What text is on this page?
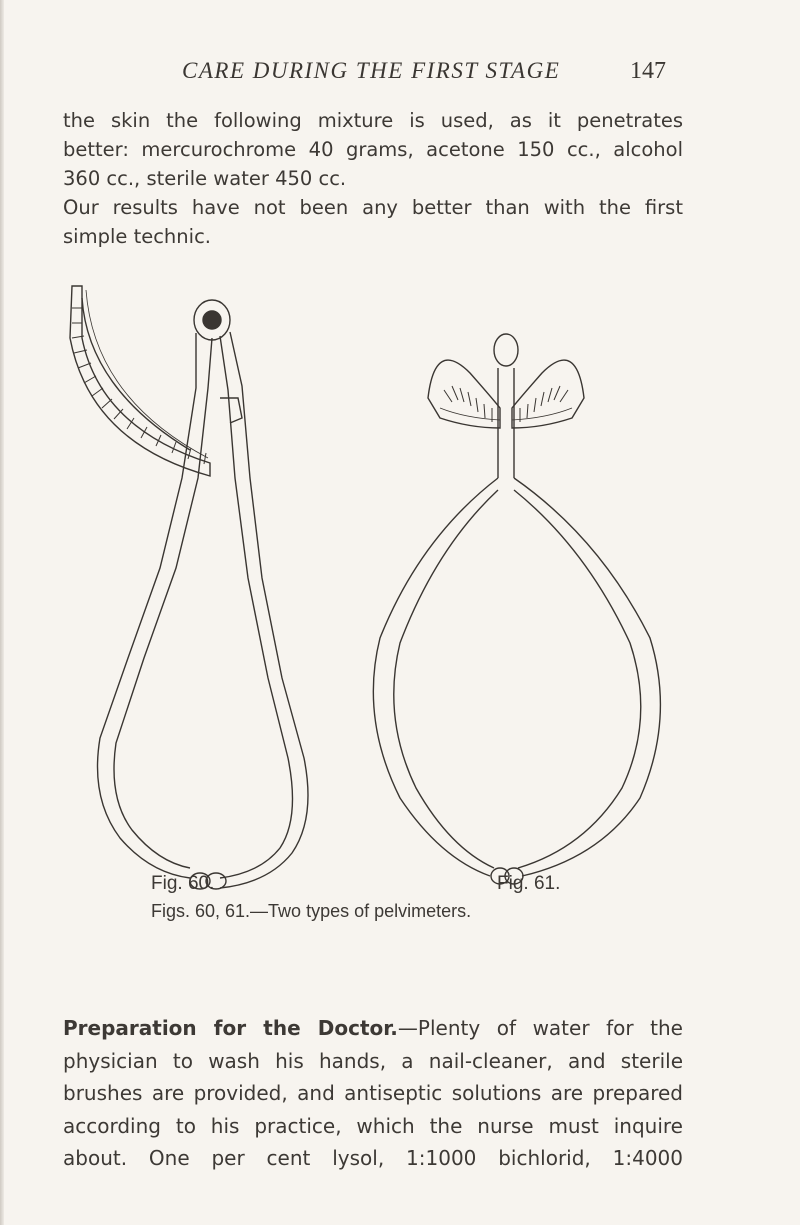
CARE DURING THE FIRST STAGE	147
the skin the following mixture is used, as it penetrates
better: mercurochrome 40 grams, acetone 150 cc., alcohol
360 cc., sterile water 450 cc.
Our results have not been any better than with the first
simple technic.
Fig. 60.	Fig. 61.
Figs. 60, 61.—Two types of pelvimeters.
Preparation for the Doctor.—Plenty of water for the
physician to wash his hands, a nail-cleaner, and sterile
brushes are provided, and antiseptic solutions are prepared
according to his practice, which the nurse must inquire
about. One per cent lysol, 1:1000 bichlorid, 1:4000
